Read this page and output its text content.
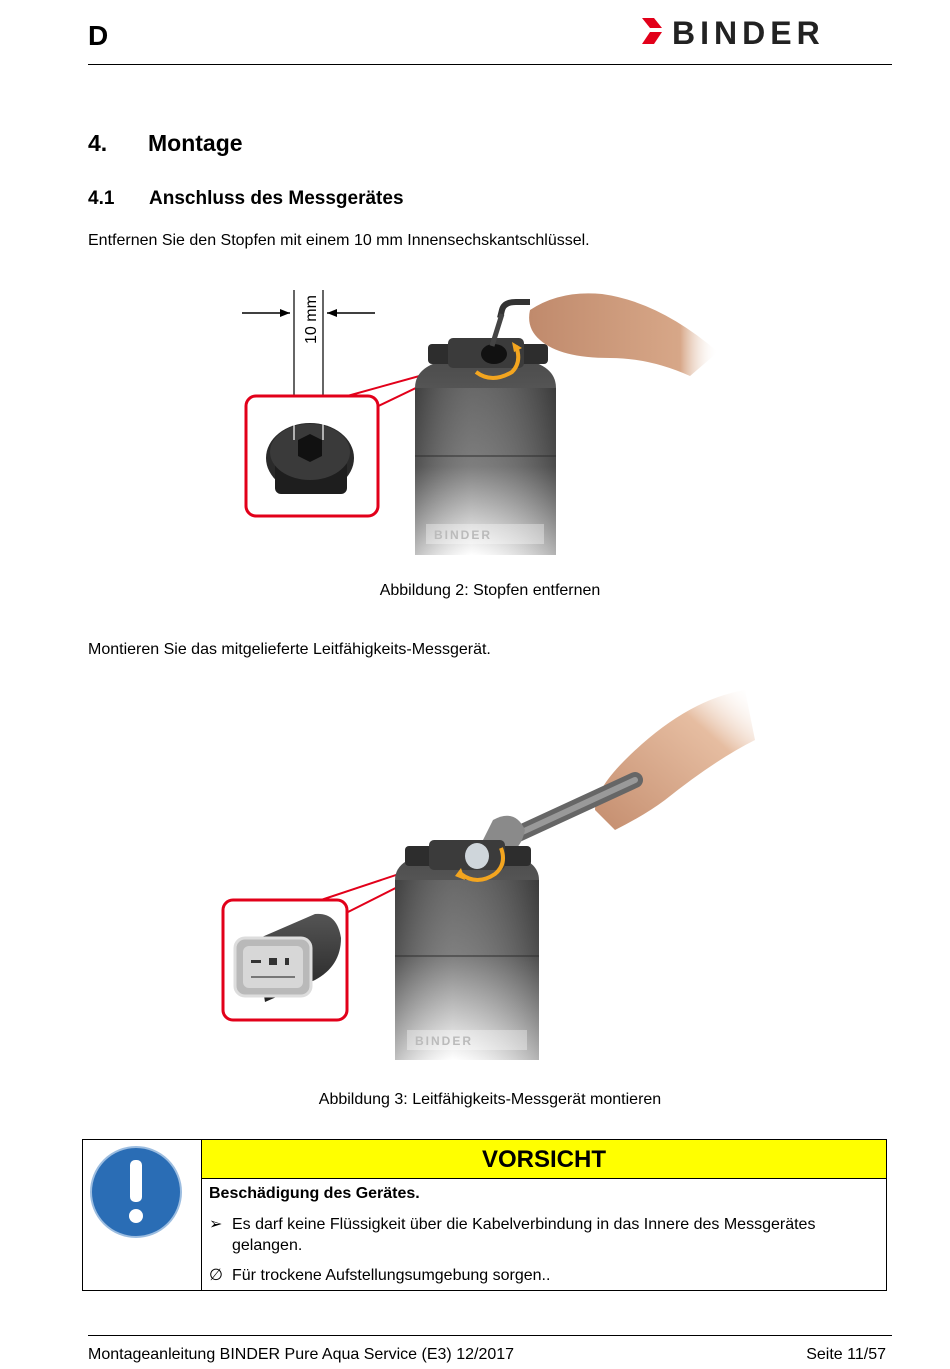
D	BINDER
4. Montage
4.1 Anschluss des Messgerätes
Entfernen Sie den Stopfen mit einem 10 mm Innensechskantschlüssel.
10 mm
BINDER
Abbildung 2: Stopfen entfernen
Montieren Sie das mitgelieferte Leitfähigkeits-Messgerät.
BINDER
Abbildung 3: Leitfähigkeits-Messgerät montieren
VORSICHT
Beschädigung des Gerätes.
➢ Es darf keine Flüssigkeit über die Kabelverbindung in das Innere des Messgerätes gelangen.
∅ Für trockene Aufstellungsumgebung sorgen..
Montageanleitung BINDER Pure Aqua Service (E3) 12/2017	Seite 11/57
